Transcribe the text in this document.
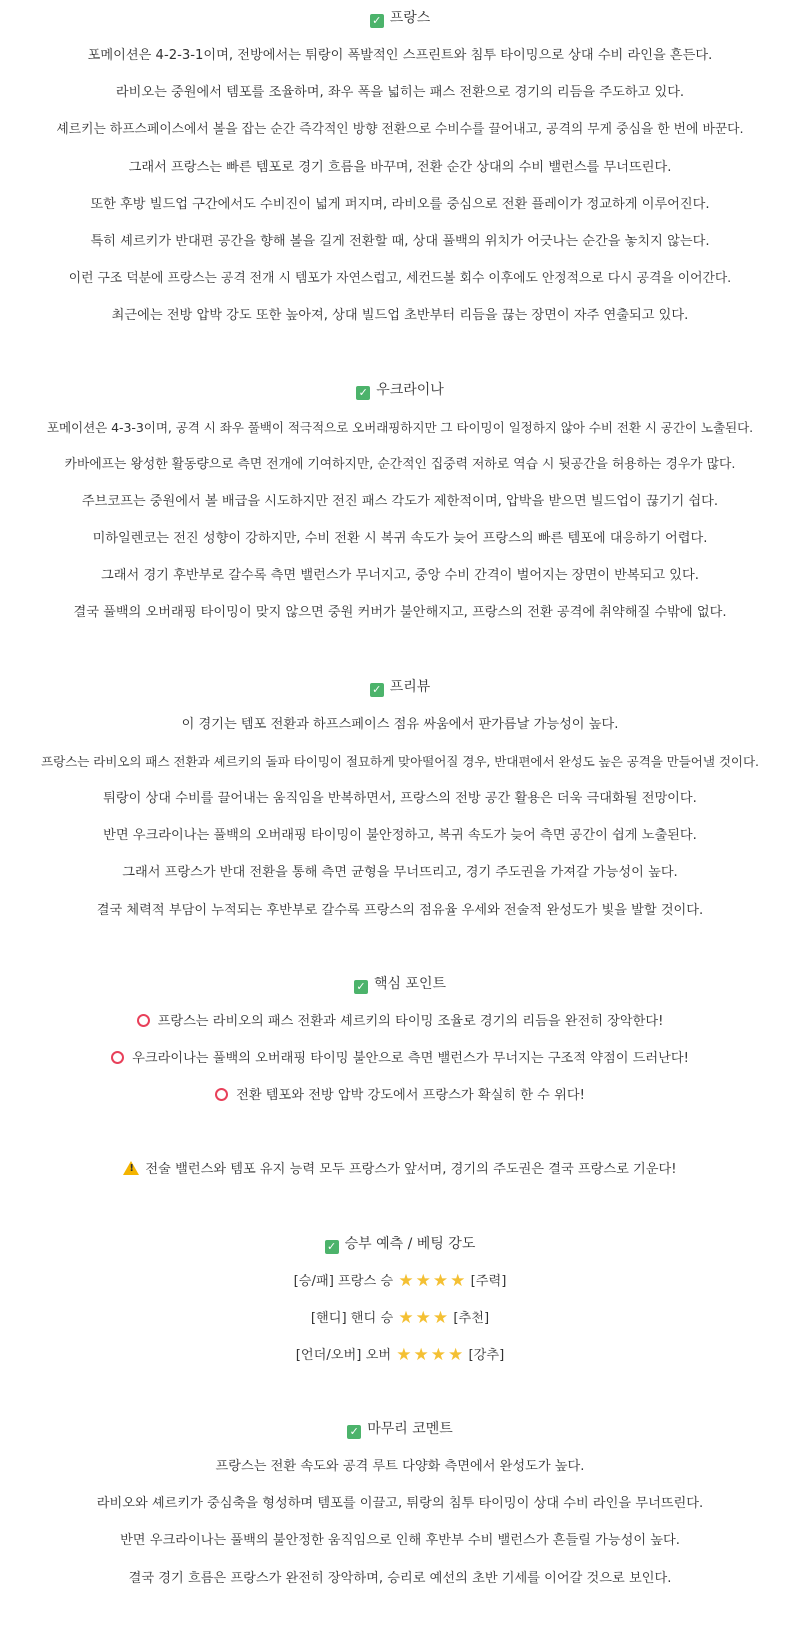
✓ 프랑스
포메이션은 4-2-3-1이며, 전방에서는 튀랑이 폭발적인 스프린트와 침투 타이밍으로 상대 수비 라인을 흔든다.
라비오는 중원에서 템포를 조율하며, 좌우 폭을 넓히는 패스 전환으로 경기의 리듬을 주도하고 있다.
셰르키는 하프스페이스에서 볼을 잡는 순간 즉각적인 방향 전환으로 수비수를 끌어내고, 공격의 무게 중심을 한 번에 바꾼다.
그래서 프랑스는 빠른 템포로 경기 흐름을 바꾸며, 전환 순간 상대의 수비 밸런스를 무너뜨린다.
또한 후방 빌드업 구간에서도 수비진이 넓게 퍼지며, 라비오를 중심으로 전환 플레이가 정교하게 이루어진다.
특히 셰르키가 반대편 공간을 향해 볼을 길게 전환할 때, 상대 풀백의 위치가 어긋나는 순간을 놓치지 않는다.
이런 구조 덕분에 프랑스는 공격 전개 시 템포가 자연스럽고, 세컨드볼 회수 이후에도 안정적으로 다시 공격을 이어간다.
최근에는 전방 압박 강도 또한 높아져, 상대 빌드업 초반부터 리듬을 끊는 장면이 자주 연출되고 있다.
✓ 우크라이나
포메이션은 4-3-3이며, 공격 시 좌우 풀백이 적극적으로 오버래핑하지만 그 타이밍이 일정하지 않아 수비 전환 시 공간이 노출된다.
카바에프는 왕성한 활동량으로 측면 전개에 기여하지만, 순간적인 집중력 저하로 역습 시 뒷공간을 허용하는 경우가 많다.
주브코프는 중원에서 볼 배급을 시도하지만 전진 패스 각도가 제한적이며, 압박을 받으면 빌드업이 끊기기 쉽다.
미하일렌코는 전진 성향이 강하지만, 수비 전환 시 복귀 속도가 늦어 프랑스의 빠른 템포에 대응하기 어렵다.
그래서 경기 후반부로 갈수록 측면 밸런스가 무너지고, 중앙 수비 간격이 벌어지는 장면이 반복되고 있다.
결국 풀백의 오버래핑 타이밍이 맞지 않으면 중원 커버가 불안해지고, 프랑스의 전환 공격에 취약해질 수밖에 없다.
✓ 프리뷰
이 경기는 템포 전환과 하프스페이스 점유 싸움에서 판가름날 가능성이 높다.
프랑스는 라비오의 패스 전환과 셰르키의 돌파 타이밍이 절묘하게 맞아떨어질 경우, 반대편에서 완성도 높은 공격을 만들어낼 것이다.
튀랑이 상대 수비를 끌어내는 움직임을 반복하면서, 프랑스의 전방 공간 활용은 더욱 극대화될 전망이다.
반면 우크라이나는 풀백의 오버래핑 타이밍이 불안정하고, 복귀 속도가 늦어 측면 공간이 쉽게 노출된다.
그래서 프랑스가 반대 전환을 통해 측면 균형을 무너뜨리고, 경기 주도권을 가져갈 가능성이 높다.
결국 체력적 부담이 누적되는 후반부로 갈수록 프랑스의 점유율 우세와 전술적 완성도가 빛을 발할 것이다.
✓ 핵심 포인트
프랑스는 라비오의 패스 전환과 셰르키의 타이밍 조율로 경기의 리듬을 완전히 장악한다!
우크라이나는 풀백의 오버래핑 타이밍 불안으로 측면 밸런스가 무너지는 구조적 약점이 드러난다!
전환 템포와 전방 압박 강도에서 프랑스가 확실히 한 수 위다!
!전술 밸런스와 템포 유지 능력 모두 프랑스가 앞서며, 경기의 주도권은 결국 프랑스로 기운다!
✓ 승부 예측 / 베팅 강도
[승/패] 프랑스 승 ★ ★ ★ ★ [주력]
[핸디] 핸디 승 ★ ★ ★ [추천]
[언더/오버] 오버 ★ ★ ★ ★ [강추]
✓ 마무리 코멘트
프랑스는 전환 속도와 공격 루트 다양화 측면에서 완성도가 높다.
라비오와 셰르키가 중심축을 형성하며 템포를 이끌고, 튀랑의 침투 타이밍이 상대 수비 라인을 무너뜨린다.
반면 우크라이나는 풀백의 불안정한 움직임으로 인해 후반부 수비 밸런스가 흔들릴 가능성이 높다.
결국 경기 흐름은 프랑스가 완전히 장악하며, 승리로 예선의 초반 기세를 이어갈 것으로 보인다.
